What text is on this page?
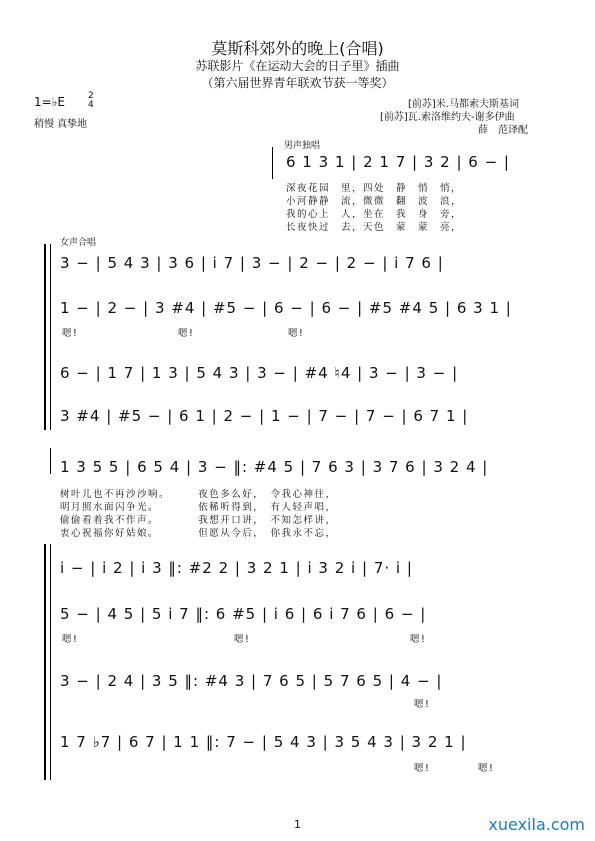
莫斯科郊外的晚上(合唱)
苏联影片《在运动大会的日子里》插曲
（第六届世界青年联欢节获一等奖）
1=♭E	2
4
稍慢 真挚地
[前苏]米.马都索夫斯基词
[前苏]瓦.索洛维约夫-谢多伊曲
薛　范译配
男声独唱
6 1 3 1 | 2 1 7 | 3 2 | 6 − |
深夜花园　里，四处　静　悄　悄，
小河静静　流，微微　翻　波　浪，
我的心上　人，坐在　我　身　旁，
长夜快过　去，天色　蒙　蒙　亮，
女声合唱
3 − | 5 4 3 | 3 6 | i 7 | 3 − | 2 − | 2 − | i 7 6 |
1 − | 2 − | 3 #4 | #5 − | 6 − | 6 − | #5 #4 5 | 6 3 1 |
嗯!	嗯!	嗯!
6 − | 1 7 | 1 3 | 5 4 3 | 3 − | #4 ♮4 | 3 − | 3 − |
3 #4 | #5 − | 6 1 | 2 − | 1 − | 7 − | 7 − | 6 7 1 |
1 3 5 5 | 6 5 4 | 3 − ‖: #4 5 | 7 6 3 | 3 7 6 | 3 2 4 |
树叶儿也不再沙沙响。　　　夜色多么好，　令我心神往，
明月照水面闪争光。　　　　依稀听得到，　有人轻声唱，
偷偷看着我不作声。　　　　我想开口讲，　不知怎样讲，
衷心祝福你好姑娘。　　　　但愿从今后，　你我永不忘，
i − | i 2 | i 3 ‖: #2 2 | 3 2 1 | i 3 2 i | 7· i |
5 − | 4 5 | 5 i 7 ‖: 6 #5 | i 6 | 6 i 7 6 | 6 − |
嗯!	嗯!	嗯!
3 − | 2 4 | 3 5 ‖: #4 3 | 7 6 5 | 5 7 6 5 | 4 − |
嗯!
1 7 ♭7 | 6 7 | 1 1 ‖: 7 − | 5 4 3 | 3 5 4 3 | 3 2 1 |
嗯!	嗯!
1	xuexila.com
